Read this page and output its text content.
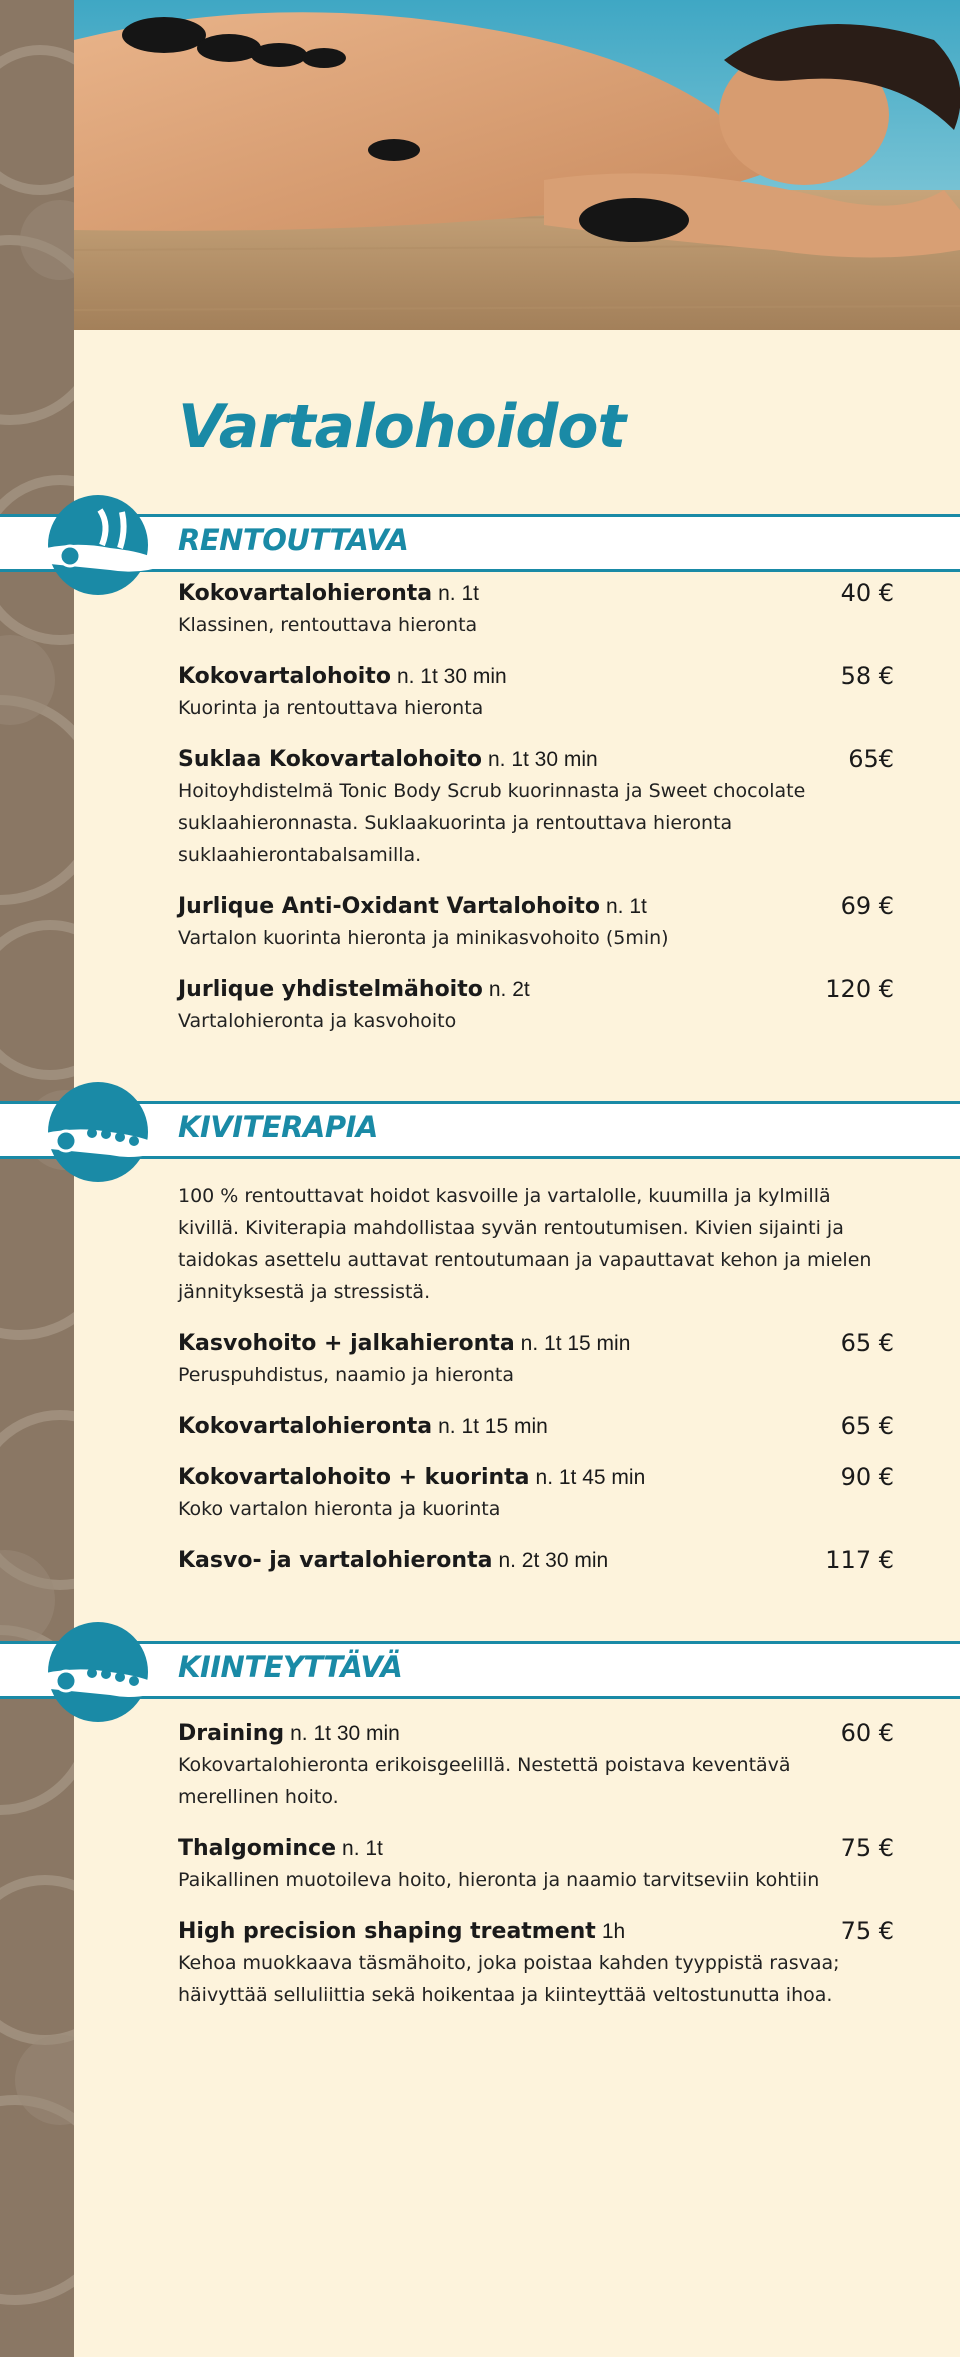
Vartalohoidot
RENTOUTTAVA
Kokovartalohieronta n. 1t	40 €
Klassinen, rentouttava hieronta
Kokovartalohoito n. 1t 30 min	58 €
Kuorinta ja rentouttava hieronta
Suklaa Kokovartalohoito n. 1t 30 min	65€
Hoitoyhdistelmä Tonic Body Scrub kuorinnasta ja Sweet chocolate suklaahieronnasta. Suklaakuorinta ja rentouttava hieronta suklaahierontabalsamilla.
Jurlique Anti-Oxidant Vartalohoito n. 1t	69 €
Vartalon kuorinta hieronta ja minikasvohoito (5min)
Jurlique yhdistelmähoito n. 2t	120 €
Vartalohieronta ja kasvohoito
KIVITERAPIA
100 % rentouttavat hoidot kasvoille ja vartalolle, kuumilla ja kylmillä kivillä. Kiviterapia mahdollistaa syvän rentoutumisen. Kivien sijainti ja taidokas asettelu auttavat rentoutumaan ja vapauttavat kehon ja mielen jännityksestä ja stressistä.
Kasvohoito + jalkahieronta n. 1t 15 min	65 €
Peruspuhdistus, naamio ja hieronta
Kokovartalohieronta n. 1t 15 min	65 €
Kokovartalohoito + kuorinta n. 1t 45 min	90 €
Koko vartalon hieronta ja kuorinta
Kasvo- ja vartalohieronta n. 2t 30 min	117 €
KIINTEYTTÄVÄ
Draining n. 1t 30 min	60 €
Kokovartalohieronta erikoisgeelillä. Nestettä poistava keventävä merellinen hoito.
Thalgomince n. 1t	75 €
Paikallinen muotoileva hoito, hieronta ja naamio tarvitseviin kohtiin
High precision shaping treatment 1h	75 €
Kehoa muokkaava täsmähoito, joka poistaa kahden tyyppistä rasvaa; häivyttää selluliittia sekä hoikentaa ja kiinteyttää veltostunutta ihoa.
